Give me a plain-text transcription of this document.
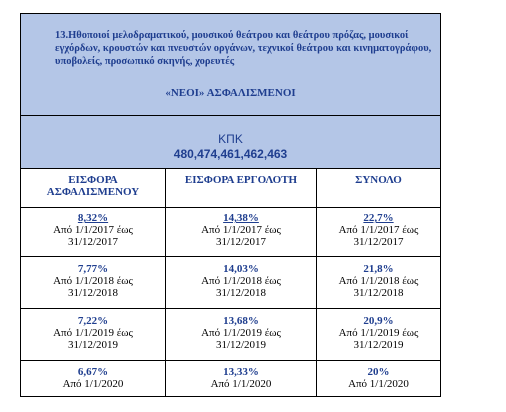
13.Ηθοποιοί μελοδραματικού, μουσικού θεάτρου και θεάτρου πρόζας, μουσικοί εγχόρδων, κρουστών και πνευστών οργάνων, τεχνικοί θεάτρου και κινηματογράφου, υποβολείς, προσωπικό σκηνής, χορευτές
«ΝΕΟΙ» ΑΣΦΑΛΙΣΜΕΝΟΙ
ΚΠΚ
480,474,461,462,463
ΕΙΣΦΟΡΑ
ΑΣΦΑΛΙΣΜΕΝΟΥ
ΕΙΣΦΟΡΑ ΕΡΓΟΛΟΤΗ	ΣΥΝΟΛΟ
8,32%
Από 1/1/2017 έως
31/12/2017
14,38%
Από 1/1/2017 έως
31/12/2017
22,7%
Από 1/1/2017 έως
31/12/2017
7,77%
Από 1/1/2018 έως
31/12/2018
14,03%
Από 1/1/2018 έως
31/12/2018
21,8%
Από 1/1/2018 έως
31/12/2018
7,22%
Από 1/1/2019 έως
31/12/2019
13,68%
Από 1/1/2019 έως
31/12/2019
20,9%
Από 1/1/2019 έως
31/12/2019
6,67%
Από 1/1/2020
13,33%
Από 1/1/2020
20%
Από 1/1/2020
